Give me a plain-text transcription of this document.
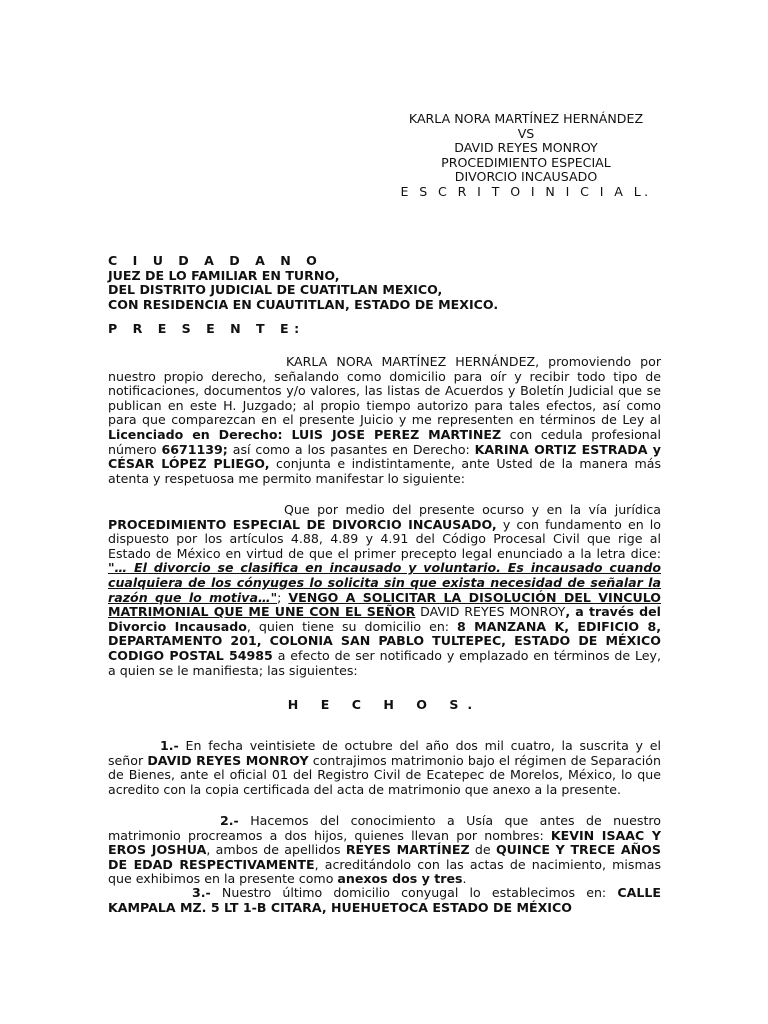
KARLA NORA MARTÍNEZ HERNÁNDEZ
VS
DAVID REYES MONROY
PROCEDIMIENTO ESPECIAL
DIVORCIO INCAUSADO
E S C R I T O I N I C I A L.
C I U D A D A N O
JUEZ DE LO FAMILIAR EN TURNO,
DEL DISTRITO JUDICIAL DE CUATITLAN MEXICO,
CON RESIDENCIA EN CUAUTITLAN, ESTADO DE MEXICO.
P R E S E N T E:
KARLA NORA MARTÍNEZ HERNÁNDEZ, promoviendo por nuestro propio derecho, señalando como domicilio para oír y recibir todo tipo de notificaciones, documentos y/o valores, las listas de Acuerdos y Boletín Judicial que se publican en este H. Juzgado; al propio tiempo autorizo para tales efectos, así como para que comparezcan en el presente Juicio y me representen en términos de Ley al Licenciado en Derecho: LUIS JOSE PEREZ MARTINEZ con cedula profesional número 6671139; así como a los pasantes en Derecho: KARINA ORTIZ ESTRADA y CÉSAR LÓPEZ PLIEGO, conjunta e indistintamente, ante Usted de la manera más atenta y respetuosa me permito manifestar lo siguiente:
Que por medio del presente ocurso y en la vía jurídica PROCEDIMIENTO ESPECIAL DE DIVORCIO INCAUSADO, y con fundamento en lo dispuesto por los artículos 4.88, 4.89 y 4.91 del Código Procesal Civil que rige al Estado de México en virtud de que el primer precepto legal enunciado a la letra dice: "… El divorcio se clasifica en incausado y voluntario. Es incausado cuando cualquiera de los cónyuges lo solicita sin que exista necesidad de señalar la razón que lo motiva…"; VENGO A SOLICITAR LA DISOLUCIÓN DEL VINCULO MATRIMONIAL QUE ME UNE CON EL SEÑOR DAVID REYES MONROY, a través del Divorcio Incausado, quien tiene su domicilio en: 8 MANZANA K, EDIFICIO 8, DEPARTAMENTO 201, COLONIA SAN PABLO TULTEPEC, ESTADO DE MÉXICO CODIGO POSTAL 54985 a efecto de ser notificado y emplazado en términos de Ley, a quien se le manifiesta; las siguientes:
H E C H O S.
1.- En fecha veintisiete de octubre del año dos mil cuatro, la suscrita y el señor DAVID REYES MONROY contrajimos matrimonio bajo el régimen de Separación de Bienes, ante el oficial 01 del Registro Civil de Ecatepec de Morelos, México, lo que acredito con la copia certificada del acta de matrimonio que anexo a la presente.
2.- Hacemos del conocimiento a Usía que antes de nuestro matrimonio procreamos a dos hijos, quienes llevan por nombres: KEVIN ISAAC Y EROS JOSHUA, ambos de apellidos REYES MARTÍNEZ de QUINCE Y TRECE AÑOS DE EDAD RESPECTIVAMENTE, acreditándolo con las actas de nacimiento, mismas que exhibimos en la presente como anexos dos y tres.
3.- Nuestro último domicilio conyugal lo establecimos en: CALLE KAMPALA MZ. 5 LT 1-B CITARA, HUEHUETOCA ESTADO DE MÉXICO
